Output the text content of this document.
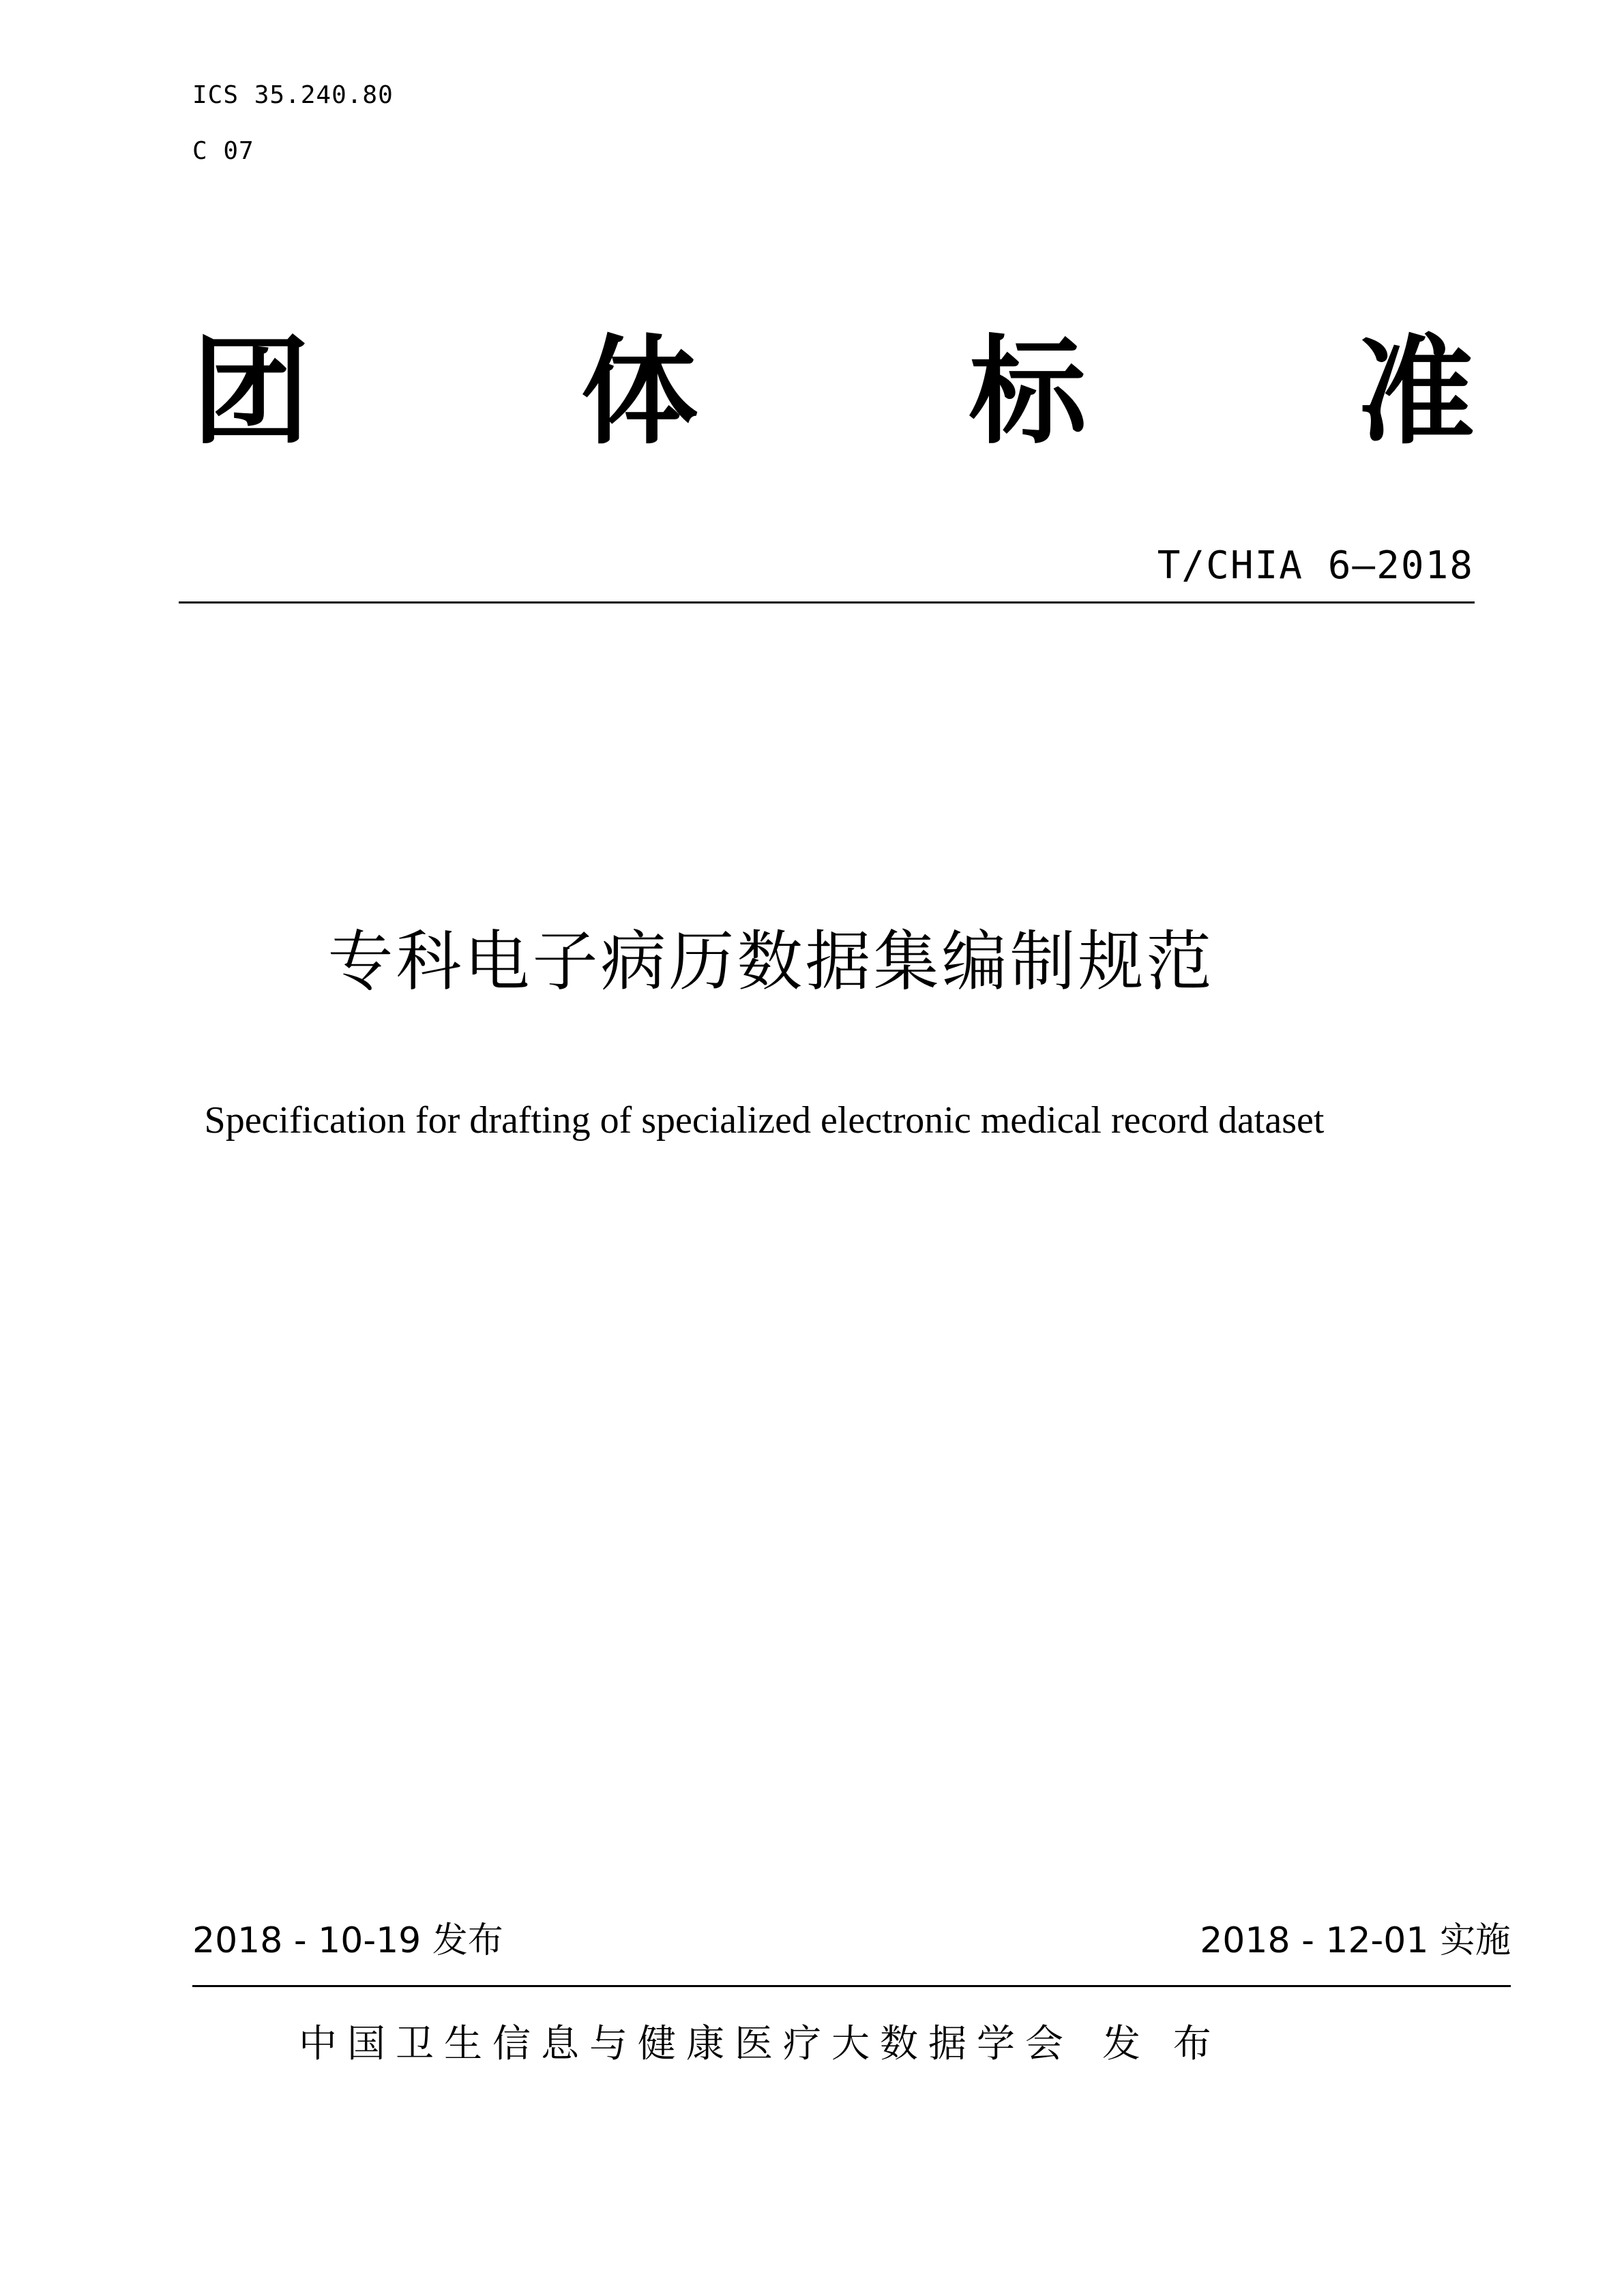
ICS 35.240.80
C 07
团 体 标 准
T/CHIA 6—2018
专科电子病历数据集编制规范
Specification for drafting of specialized electronic medical record dataset
2018 - 10-19 发布	2018 - 12-01 实施
中国卫生信息与健康医疗大数据学会 发 布
